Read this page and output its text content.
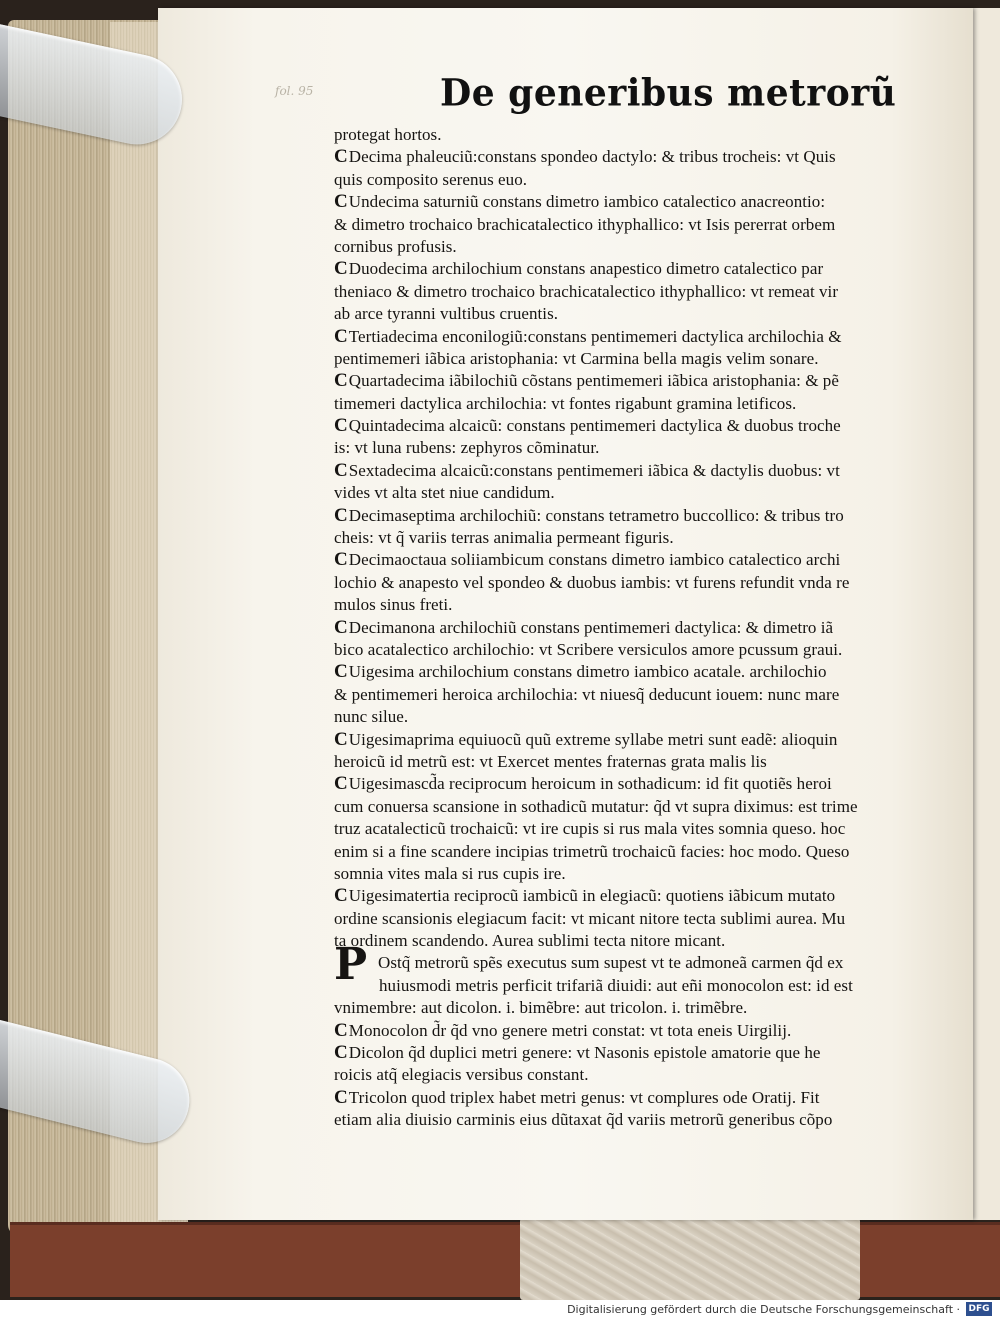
fol. 95	De generibus metrorũ
protegat hortos.
CDecima phaleuciũ:constans spondeo dactylo: & tribus trocheis: vt Quis
quis composito serenus euo.
CUndecima saturniũ constans dimetro iambico catalectico anacreontio:
& dimetro trochaico brachicatalectico ithyphallico: vt Isis pererrat orbem
cornibus profusis.
CDuodecima archilochium constans anapestico dimetro catalectico par
theniaco & dimetro trochaico brachicatalectico ithyphallico: vt remeat vir
ab arce tyranni vultibus cruentis.
CTertiadecima enconilogiũ:constans pentimemeri dactylica archilochia &
pentimemeri iãbica aristophania: vt Carmina bella magis velim sonare.
CQuartadecima iãbilochiũ cõstans pentimemeri iãbica aristophania: & pẽ
timemeri dactylica archilochia: vt fontes rigabunt gramina letificos.
CQuintadecima alcaicũ: constans pentimemeri dactylica & duobus troche
is: vt luna rubens: zephyros cõminatur.
CSextadecima alcaicũ:constans pentimemeri iãbica & dactylis duobus: vt
vides vt alta stet niue candidum.
CDecimaseptima archilochiũ: constans tetrametro buccollico: & tribus tro
cheis: vt q̃ variis terras animalia permeant figuris.
CDecimaoctaua soliiambicum constans dimetro iambico catalectico archi
lochio & anapesto vel spondeo & duobus iambis: vt furens refundit vnda re
mulos sinus freti.
CDecimanona archilochiũ constans pentimemeri dactylica: & dimetro iã
bico acatalectico archilochio: vt Scribere versiculos amore pcussum graui.
CUigesima archilochium constans dimetro iambico acatale. archilochio
& pentimemeri heroica archilochia: vt niuesq̃ deducunt iouem: nunc mare
nunc silue.
CUigesimaprima equiuocũ quũ extreme syllabe metri sunt eadẽ: alioquin
heroicũ id metrũ est: vt Exercet mentes fraternas grata malis lis
CUigesimascd̃a reciprocum heroicum in sothadicum: id fit quotiẽs heroi
cum conuersa scansione in sothadicũ mutatur: q̃d vt supra diximus: est trime
truz acatalecticũ trochaicũ: vt ire cupis si rus mala vites somnia queso. hoc
enim si a fine scandere incipias trimetrũ trochaicũ facies: hoc modo. Queso
somnia vites mala si rus cupis ire.
CUigesimatertia reciprocũ iambicũ in elegiacũ: quotiens iãbicum mutato
ordine scansionis elegiacum facit: vt micant nitore tecta sublimi aurea. Mu
ta ordinem scandendo. Aurea sublimi tecta nitore micant.
P Ostq̃ metrorũ spẽs executus sum supest vt te admoneã carmen q̃d ex
huiusmodi metris perficit trifariã diuidi: aut eñi monocolon est: id est
vnimembre: aut dicolon. i. bimẽbre: aut tricolon. i. trimẽbre.
CMonocolon d̃r q̃d vno genere metri constat: vt tota eneis Uirgilij.
CDicolon q̃d duplici metri genere: vt Nasonis epistole amatorie que he
roicis atq̃ elegiacis versibus constant.
CTricolon quod triplex habet metri genus: vt complures ode Oratij. Fit
etiam alia diuisio carminis eius dũtaxat q̃d variis metrorũ generibus cõpo
Digitalisierung gefördert durch die Deutsche Forschungsgemeinschaft · DFG
